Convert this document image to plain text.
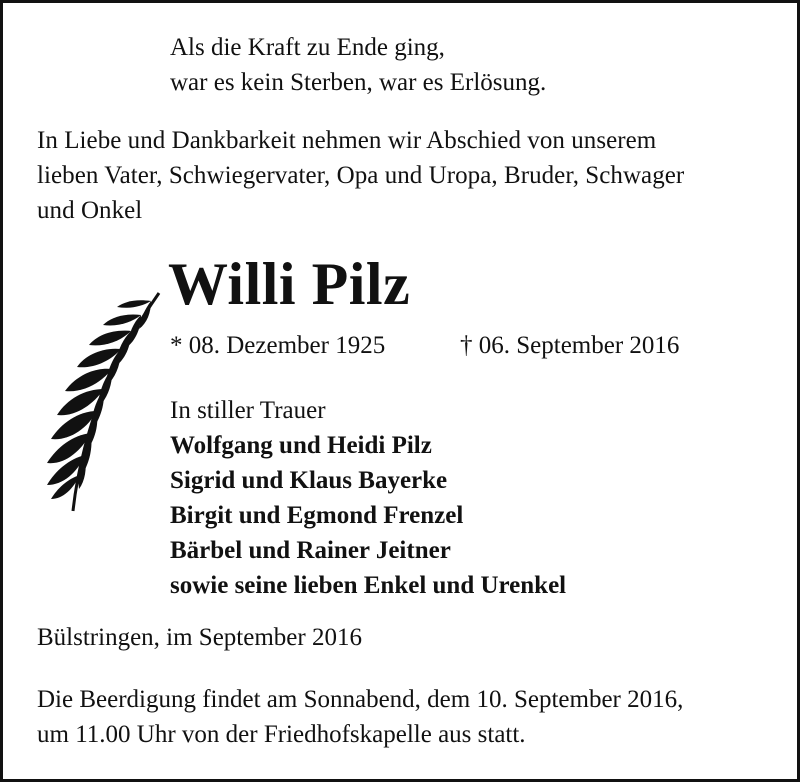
Als die Kraft zu Ende ging,
war es kein Sterben, war es Erlösung.
In Liebe und Dankbarkeit nehmen wir Abschied von unserem
lieben Vater, Schwiegervater, Opa und Uropa, Bruder, Schwager
und Onkel
Willi Pilz
* 08. Dezember 1925	† 06. September 2016
In stiller Trauer
Wolfgang und Heidi Pilz
Sigrid und Klaus Bayerke
Birgit und Egmond Frenzel
Bärbel und Rainer Jeitner
sowie seine lieben Enkel und Urenkel
Bülstringen, im September 2016
Die Beerdigung findet am Sonnabend, dem 10. September 2016,
um 11.00 Uhr von der Friedhofskapelle aus statt.
